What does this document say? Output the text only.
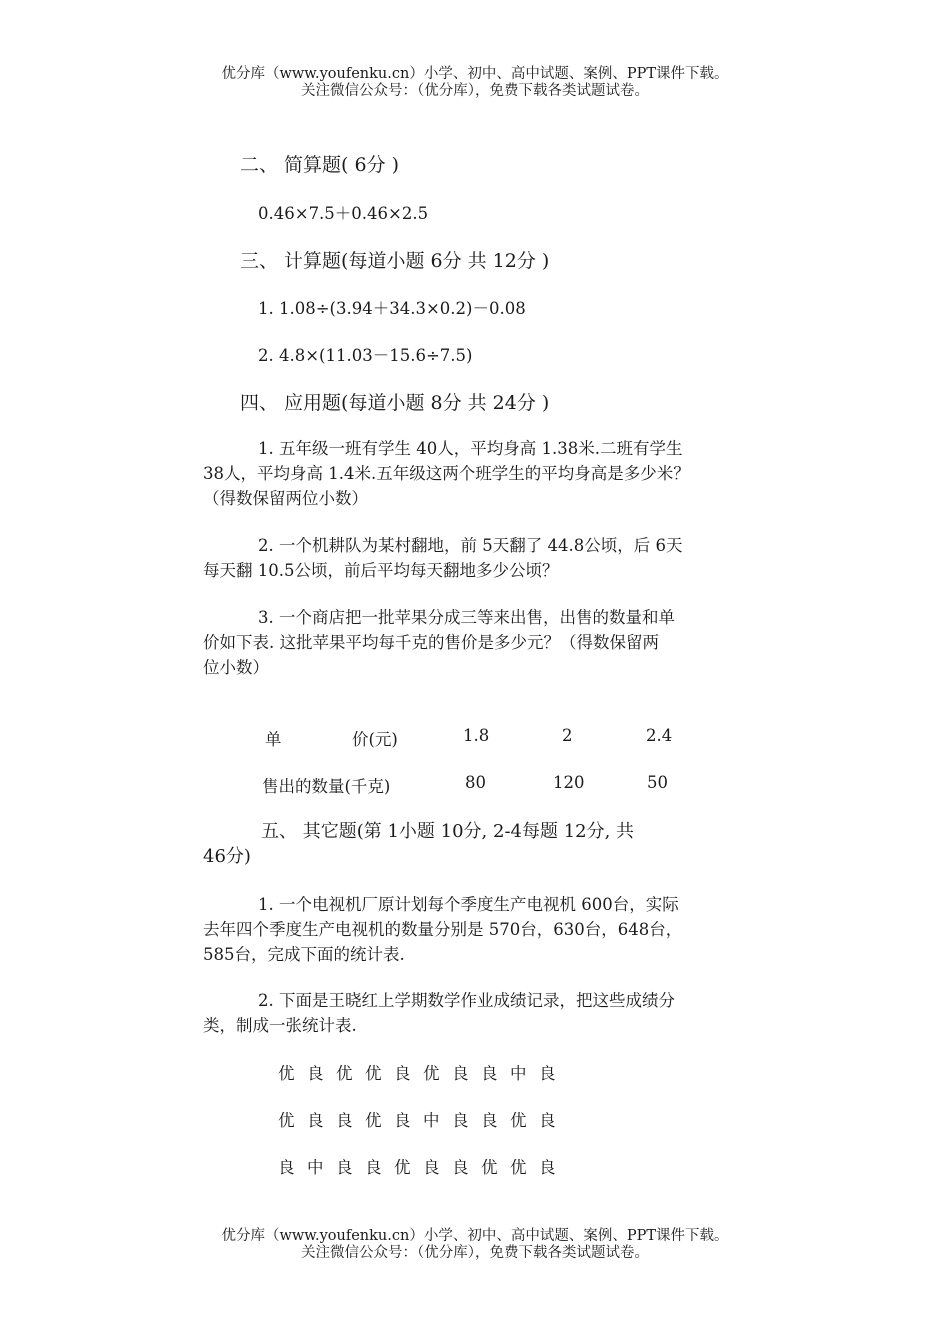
优分库（www.youfenku.cn）小学、初中、高中试题、案例、PPT课件下载。
关注微信公众号：（优分库），免费下载各类试题试卷。
二、 简算题( 6分 )
0.46×7.5＋0.46×2.5
三、 计算题(每道小题 6分 共 12分 )
1. 1.08÷(3.94＋34.3×0.2)－0.08
2. 4.8×(11.03－15.6÷7.5)
四、 应用题(每道小题 8分 共 24分 )
1. 五年级一班有学生 40人，平均身高 1.38米.二班有学生
38人，平均身高 1.4米.五年级这两个班学生的平均身高是多少米？
（得数保留两位小数）
2. 一个机耕队为某村翻地，前 5天翻了 44.8公顷，后 6天
每天翻 10.5公顷，前后平均每天翻地多少公顷？
3. 一个商店把一批苹果分成三等来出售，出售的数量和单
价如下表. 这批苹果平均每千克的售价是多少元？（得数保留两
位小数）
单	价(元)	1.8	2	2.4
售出的数量(千克)	80	120	50
五、 其它题(第 1小题 10分, 2-4每题 12分, 共
46分)
1. 一个电视机厂原计划每个季度生产电视机 600台，实际
去年四个季度生产电视机的数量分别是 570台，630台，648台，
585台，完成下面的统计表.
2. 下面是王晓红上学期数学作业成绩记录，把这些成绩分
类，制成一张统计表.
优 良 优 优 良 优 良 良 中 良
优 良 良 优 良 中 良 良 优 良
良 中 良 良 优 良 良 优 优 良
优分库（www.youfenku.cn）小学、初中、高中试题、案例、PPT课件下载。
关注微信公众号：（优分库），免费下载各类试题试卷。
